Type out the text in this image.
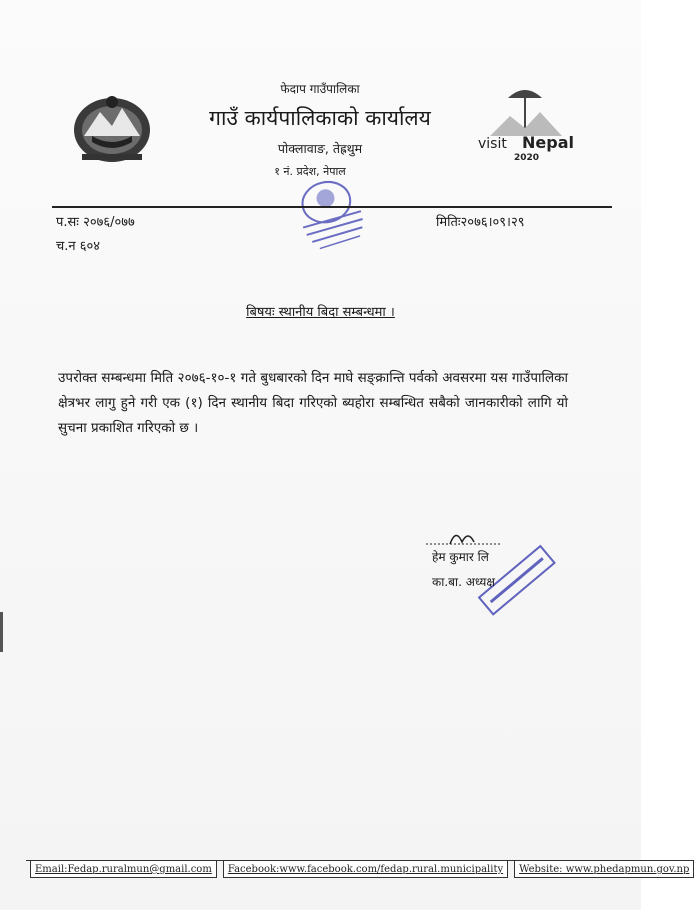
visit Nepal
2020
फेदाप गाउँपालिका
गाउँ कार्यपालिकाको कार्यालय
पोक्लावाङ, तेह्रथुम
१ नं. प्रदेश, नेपाल
प.सः २०७६/०७७
च.न ६०४
मितिः२०७६।०९।२९
बिषयः स्थानीय बिदा सम्बन्धमा ।
उपरोक्त सम्बन्धमा मिति २०७६-१०-१ गते बुधबारको दिन माघे सङ्क्रान्ति पर्वको अवसरमा यस गाउँपालिका क्षेत्रभर लागु हुने गरी एक (१) दिन स्थानीय बिदा गरिएको ब्यहोरा सम्बन्धित सबैको जानकारीको लागि यो सुचना प्रकाशित गरिएको छ ।
हेम कुमार लि
का.बा. अध्यक्ष
Email:Fedap.ruralmun@gmail.com	Facebook:www.facebook.com/fedap.rural.municipality	Website: www.phedapmun.gov.np
